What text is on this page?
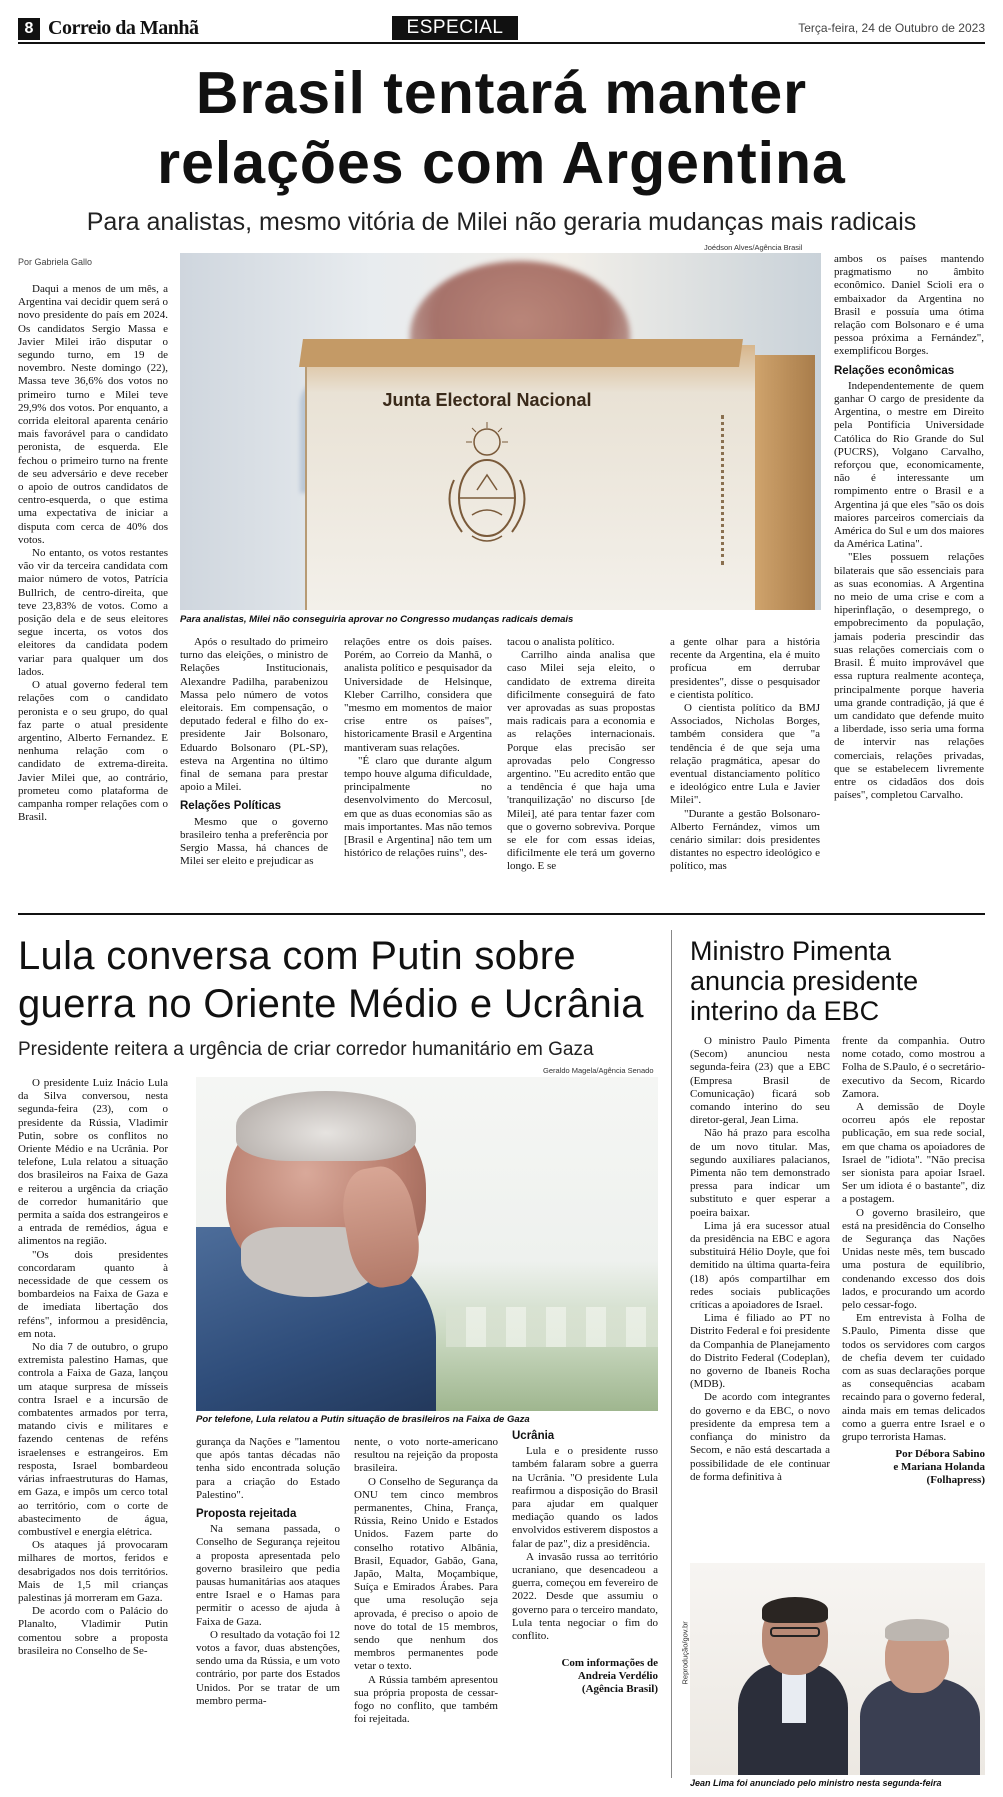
8 Correio da Manhã	ESPECIAL	Terça-feira, 24 de Outubro de 2023
Brasil tentará manter
relações com Argentina
Para analistas, mesmo vitória de Milei não geraria mudanças mais radicais
Por Gabriela Gallo
Joédson Alves/Agência Brasil
Junta Electoral Nacional
Para analistas, Milei não conseguiria aprovar no Congresso mudanças radicais demais

Daqui a menos de um mês, a Argentina vai decidir quem será o novo presidente do país em 2024. Os candidatos Sergio Massa e Javier Milei irão disputar o segundo turno, em 19 de novembro. Neste domingo (22), Massa teve 36,6% dos votos no primeiro turno e Milei teve 29,9% dos votos. Por enquanto, a corrida eleitoral aparenta cenário mais favorável para o candidato peronista, de esquerda. Ele fechou o primeiro turno na frente de seu adversário e deve receber o apoio de outros candidatos de centro-esquerda, o que estima uma expectativa de iniciar a disputa com cerca de 40% dos votos.

No entanto, os votos restantes vão vir da terceira candidata com maior número de votos, Patrícia Bullrich, de centro-direita, que teve 23,83% de votos. Como a posição dela e de seus eleitores segue incerta, os votos dos eleitores da candidata podem variar para qualquer um dos lados.

O atual governo federal tem relações com o candidato peronista e o seu grupo, do qual faz parte o atual presidente argentino, Alberto Fernandez. E nenhuma relação com o candidato de extrema-direita. Javier Milei que, ao contrário, prometeu como plataforma de campanha romper relações com o Brasil.

Após o resultado do primeiro turno das eleições, o ministro de Relações Institucionais, Alexandre Padilha, parabenizou Massa pelo número de votos eleitorais. Em compensação, o deputado federal e filho do ex-presidente Jair Bolsonaro, Eduardo Bolsonaro (PL-SP), esteva na Argentina no último final de semana para prestar apoio a Milei.

Relações Políticas

Mesmo que o governo brasileiro tenha a preferência por Sergio Massa, há chances de Milei ser eleito e prejudicar as

relações entre os dois países. Porém, ao Correio da Manhã, o analista político e pesquisador da Universidade de Helsinque, Kleber Carrilho, considera que "mesmo em momentos de maior crise entre os países", historicamente Brasil e Argentina mantiveram suas relações.

"É claro que durante algum tempo houve alguma dificuldade, principalmente no desenvolvimento do Mercosul, em que as duas economias são as mais importantes. Mas não temos [Brasil e Argentina] não tem um histórico de relações ruins", des-

tacou o analista político.

Carrilho ainda analisa que caso Milei seja eleito, o candidato de extrema direita dificilmente conseguirá de fato ver aprovadas as suas propostas mais radicais para a economia e as relações internacionais. Porque elas precisão ser aprovadas pelo Congresso argentino. "Eu acredito então que a tendência é que haja uma 'tranquilização' no discurso [de Milei], até para tentar fazer com que o governo sobreviva. Porque se ele for com essas ideias, dificilmente ele terá um governo longo. E se

a gente olhar para a história recente da Argentina, ela é muito profícua em derrubar presidentes", disse o pesquisador e cientista político.

O cientista político da BMJ Associados, Nicholas Borges, também considera que "a tendência é de que seja uma relação pragmática, apesar do eventual distanciamento político e ideológico entre Lula e Javier Milei".

"Durante a gestão Bolsonaro-Alberto Fernández, vimos um cenário similar: dois presidentes distantes no espectro ideológico e político, mas

ambos os países mantendo pragmatismo no âmbito econômico. Daniel Scioli era o embaixador da Argentina no Brasil e possuía uma ótima relação com Bolsonaro e é uma pessoa próxima a Fernández", exemplificou Borges.

Relações econômicas

Independentemente de quem ganhar O cargo de presidente da Argentina, o mestre em Direito pela Pontifícia Universidade Católica do Rio Grande do Sul (PUCRS), Volgano Carvalho, reforçou que, economicamente, não é interessante um rompimento entre o Brasil e a Argentina já que eles "são os dois maiores parceiros comerciais da América do Sul e um dos maiores da América Latina".

"Eles possuem relações bilaterais que são essenciais para as suas economias. A Argentina no meio de uma crise e com a hiperinflação, o desemprego, o empobrecimento da população, jamais poderia prescindir das suas relações comerciais com o Brasil. É muito improvável que essa ruptura realmente aconteça, principalmente porque haveria uma grande contradição, já que é um candidato que defende muito a liberdade, isso seria uma forma de intervir nas relações comerciais, relações privadas, que se estabelecem livremente entre os cidadãos dos dois países", completou Carvalho.

Lula conversa com Putin sobre
guerra no Oriente Médio e Ucrânia
Presidente reitera a urgência de criar corredor humanitário em Gaza
Geraldo Magela/Agência Senado
Por telefone, Lula relatou a Putin situação de brasileiros na Faixa de Gaza

O presidente Luiz Inácio Lula da Silva conversou, nesta segunda-feira (23), com o presidente da Rússia, Vladimir Putin, sobre os conflitos no Oriente Médio e na Ucrânia. Por telefone, Lula relatou a situação dos brasileiros na Faixa de Gaza e reiterou a urgência da criação de corredor humanitário que permita a saída dos estrangeiros e a entrada de remédios, água e alimentos na região.

"Os dois presidentes concordaram quanto à necessidade de que cessem os bombardeios na Faixa de Gaza e de imediata libertação dos reféns", informou a presidência, em nota.

No dia 7 de outubro, o grupo extremista palestino Hamas, que controla a Faixa de Gaza, lançou um ataque surpresa de mísseis contra Israel e a incursão de combatentes armados por terra, matando civis e militares e fazendo centenas de reféns israelenses e estrangeiros. Em resposta, Israel bombardeou várias infraestruturas do Hamas, em Gaza, e impôs um cerco total ao território, com o corte de abastecimento de água, combustível e energia elétrica.

Os ataques já provocaram milhares de mortos, feridos e desabrigados nos dois territórios. Mais de 1,5 mil crianças palestinas já morreram em Gaza.

De acordo com o Palácio do Planalto, Vladimir Putin comentou sobre a proposta brasileira no Conselho de Se-

gurança da Nações e "lamentou que após tantas décadas não tenha sido encontrada solução para a criação do Estado Palestino".

Proposta rejeitada

Na semana passada, o Conselho de Segurança rejeitou a proposta apresentada pelo governo brasileiro que pedia pausas humanitárias aos ataques entre Israel e o Hamas para permitir o acesso de ajuda à Faixa de Gaza.

O resultado da votação foi 12 votos a favor, duas abstenções, sendo uma da Rússia, e um voto contrário, por parte dos Estados Unidos. Por se tratar de um membro perma-

nente, o voto norte-americano resultou na rejeição da proposta brasileira.

O Conselho de Segurança da ONU tem cinco membros permanentes, China, França, Rússia, Reino Unido e Estados Unidos. Fazem parte do conselho rotativo Albânia, Brasil, Equador, Gabão, Gana, Japão, Malta, Moçambique, Suíça e Emirados Árabes. Para que uma resolução seja aprovada, é preciso o apoio de nove do total de 15 membros, sendo que nenhum dos membros permanentes pode vetar o texto.

A Rússia também apresentou sua própria proposta de cessar-fogo no conflito, que também foi rejeitada.

Ucrânia

Lula e o presidente russo também falaram sobre a guerra na Ucrânia. "O presidente Lula reafirmou a disposição do Brasil para ajudar em qualquer mediação quando os lados envolvidos estiverem dispostos a falar de paz", diz a presidência.

A invasão russa ao território ucraniano, que desencadeou a guerra, começou em fevereiro de 2022. Desde que assumiu o governo para o terceiro mandato, Lula tenta negociar o fim do conflito.

Com informações de
Andreia Verdélio
(Agência Brasil)
Ministro Pimenta
anuncia presidente
interino da EBC

O ministro Paulo Pimenta (Secom) anunciou nesta segunda-feira (23) que a EBC (Empresa Brasil de Comunicação) ficará sob comando interino do seu diretor-geral, Jean Lima.

Não há prazo para escolha de um novo titular. Mas, segundo auxiliares palacianos, Pimenta não tem demonstrado pressa para indicar um substituto e quer esperar a poeira baixar.

Lima já era sucessor atual da presidência na EBC e agora substituirá Hélio Doyle, que foi demitido na última quarta-feira (18) após compartilhar em redes sociais publicações críticas a apoiadores de Israel.

Lima é filiado ao PT no Distrito Federal e foi presidente da Companhia de Planejamento do Distrito Federal (Codeplan), no governo de Ibaneis Rocha (MDB).

De acordo com integrantes do governo e da EBC, o novo presidente da empresa tem a confiança do ministro da Secom, e não está descartada a possibilidade de ele continuar de forma definitiva à

frente da companhia. Outro nome cotado, como mostrou a Folha de S.Paulo, é o secretário-executivo da Secom, Ricardo Zamora.

A demissão de Doyle ocorreu após ele repostar publicação, em sua rede social, em que chama os apoiadores de Israel de "idiota". "Não precisa ser sionista para apoiar Israel. Ser um idiota é o bastante", diz a postagem.

O governo brasileiro, que está na presidência do Conselho de Segurança das Nações Unidas neste mês, tem buscado uma postura de equilíbrio, condenando excesso dos dois lados, e procurando um acordo pelo cessar-fogo.

Em entrevista à Folha de S.Paulo, Pimenta disse que todos os servidores com cargos de chefia devem ter cuidado com as suas declarações porque as consequências acabam recaindo para o governo federal, ainda mais em temas delicados como a guerra entre Israel e o grupo terrorista Hamas.

Por Débora Sabino
e Mariana Holanda
(Folhapress)
Reprodução/gov.br
Jean Lima foi anunciado pelo ministro nesta segunda-feira
